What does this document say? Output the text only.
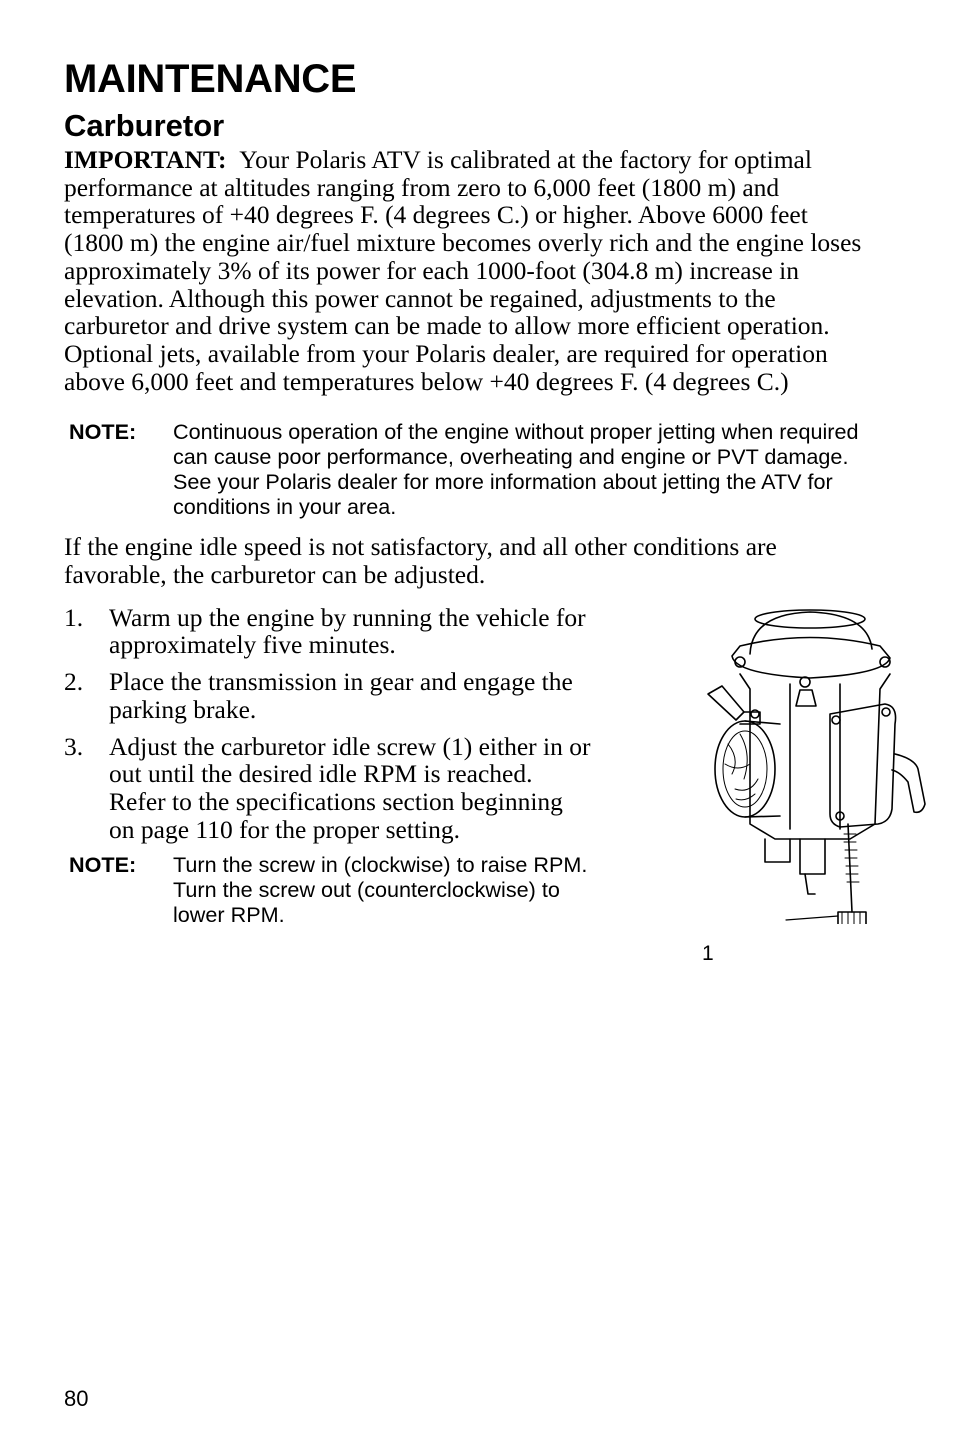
MAINTENANCE
Carburetor

IMPORTANT: Your Polaris ATV is calibrated at the factory for optimal performance at altitudes ranging from zero to 6,000 feet (1800 m) and temperatures of +40 degrees F. (4 degrees C.) or higher. Above 6000 feet (1800 m) the engine air/fuel mixture becomes overly rich and the engine loses approximately 3% of its power for each 1000-foot (304.8 m) increase in elevation. Although this power cannot be regained, adjustments to the carburetor and drive system can be made to allow more efficient operation. Optional jets, available from your Polaris dealer, are required for operation above 6,000 feet and temperatures below +40 degrees F. (4 degrees C.)

NOTE:	Continuous operation of the engine without proper jetting when required can cause poor performance, overheating and engine or PVT damage. See your Polaris dealer for more information about jetting the ATV for conditions in your area.

If the engine idle speed is not satisfactory, and all other conditions are favorable, the carburetor can be adjusted.

1.	Warm up the engine by running the vehicle for approximately five minutes.
2.	Place the transmission in gear and engage the parking brake.
3.	Adjust the carburetor idle screw (1) either in or out until the desired idle RPM is reached. Refer to the specifications section beginning on page 110 for the proper setting.
NOTE:	Turn the screw in (clockwise) to raise RPM. Turn the screw out (counterclockwise) to lower RPM.
1
80
